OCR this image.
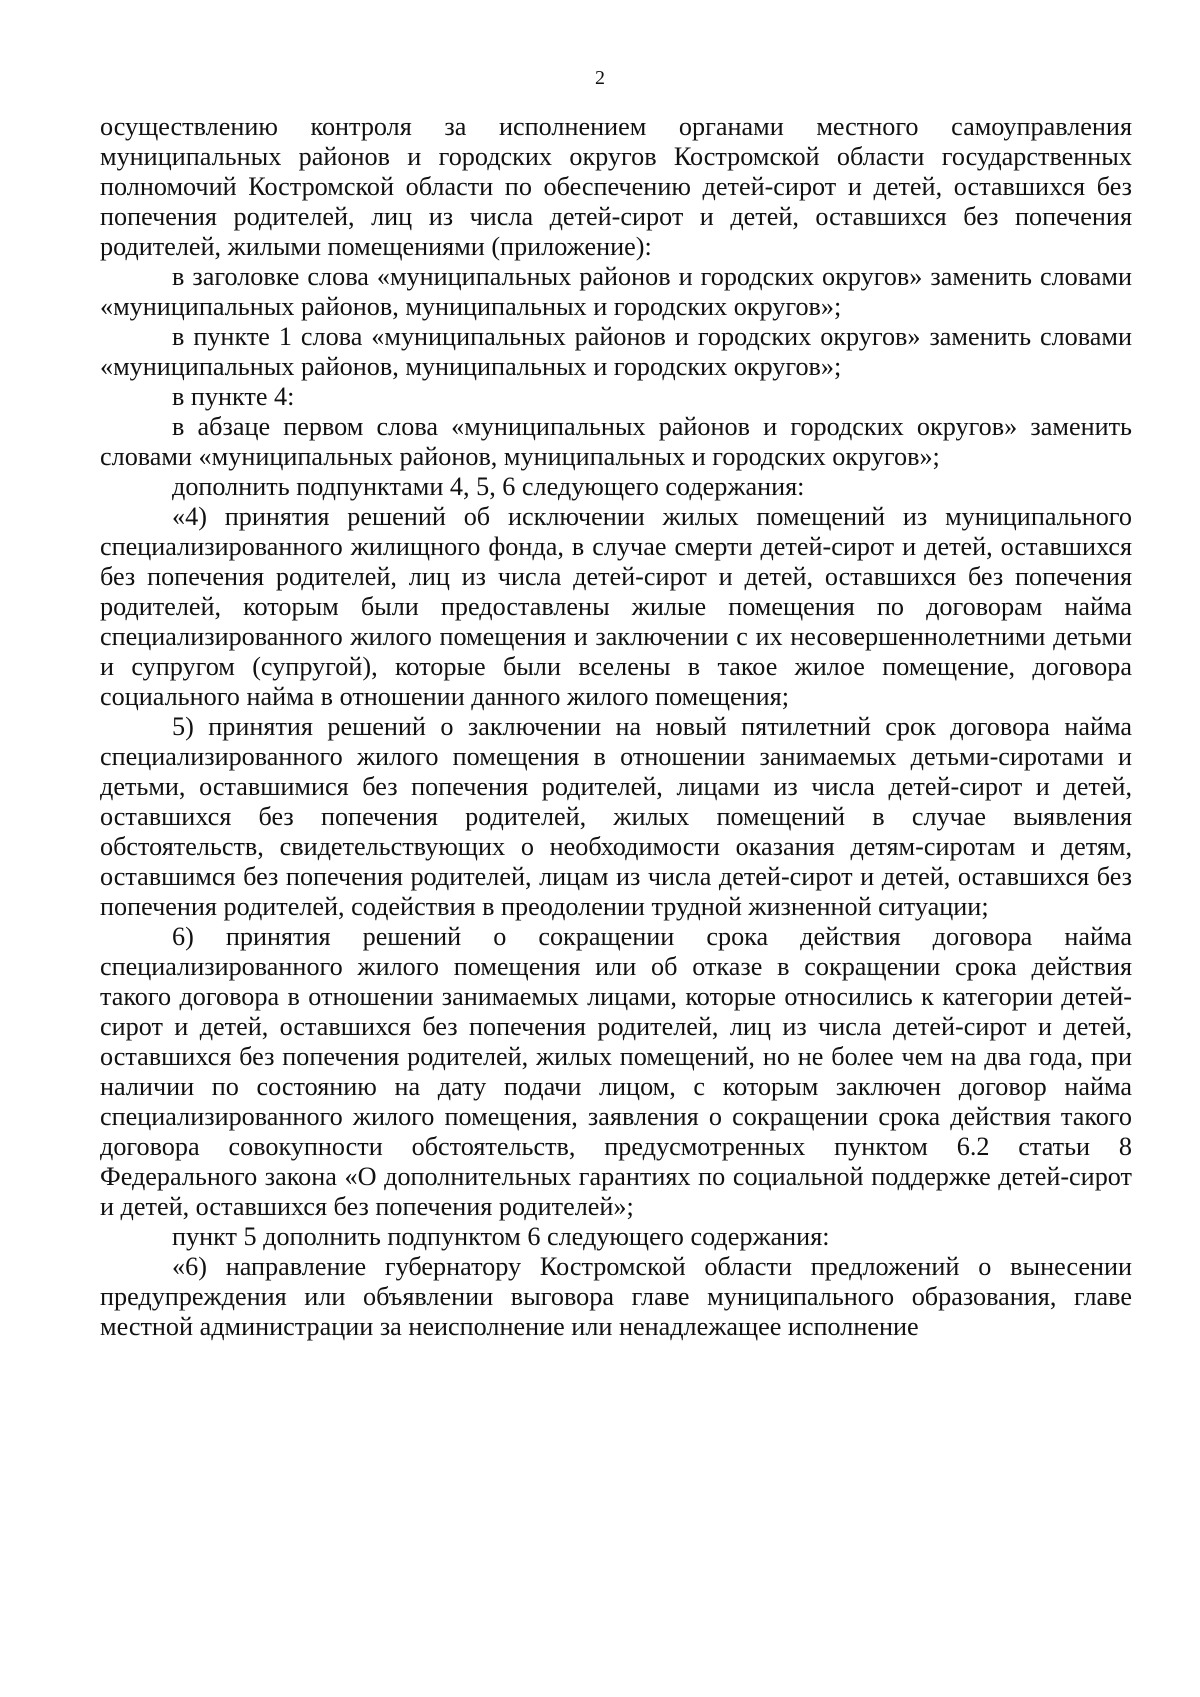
2

осуществлению контроля за исполнением органами местного самоуправления муниципальных районов и городских округов Костромской области государственных полномочий Костромской области по обеспечению детей-сирот и детей, оставшихся без попечения родителей, лиц из числа детей-сирот и детей, оставшихся без попечения родителей, жилыми помещениями (приложение):

в заголовке слова «муниципальных районов и городских округов» заменить словами «муниципальных районов, муниципальных и городских округов»;

в пункте 1 слова «муниципальных районов и городских округов» заменить словами «муниципальных районов, муниципальных и городских округов»;

в пункте 4:

в абзаце первом слова «муниципальных районов и городских округов» заменить словами «муниципальных районов, муниципальных и городских округов»;

дополнить подпунктами 4, 5, 6 следующего содержания:

«4) принятия решений об исключении жилых помещений из муниципального специализированного жилищного фонда, в случае смерти детей-сирот и детей, оставшихся без попечения родителей, лиц из числа детей-сирот и детей, оставшихся без попечения родителей, которым были предоставлены жилые помещения по договорам найма специализированного жилого помещения и заключении с их несовершеннолетними детьми и супругом (супругой), которые были вселены в такое жилое помещение, договора социального найма в отношении данного жилого помещения;

5) принятия решений о заключении на новый пятилетний срок договора найма специализированного жилого помещения в отношении занимаемых детьми-сиротами и детьми, оставшимися без попечения родителей, лицами из числа детей-сирот и детей, оставшихся без попечения родителей, жилых помещений в случае выявления обстоятельств, свидетельствующих о необходимости оказания детям-сиротам и детям, оставшимся без попечения родителей, лицам из числа детей-сирот и детей, оставшихся без попечения родителей, содействия в преодолении трудной жизненной ситуации;

6) принятия решений о сокращении срока действия договора найма специализированного жилого помещения или об отказе в сокращении срока действия такого договора в отношении занимаемых лицами, которые относились к категории детей-сирот и детей, оставшихся без попечения родителей, лиц из числа детей-сирот и детей, оставшихся без попечения родителей, жилых помещений, но не более чем на два года, при наличии по состоянию на дату подачи лицом, с которым заключен договор найма специализированного жилого помещения, заявления о сокращении срока действия такого договора совокупности обстоятельств, предусмотренных пунктом 6.2 статьи 8 Федерального закона «О дополнительных гарантиях по социальной поддержке детей-сирот и детей, оставшихся без попечения родителей»;

пункт 5 дополнить подпунктом 6 следующего содержания:

«6) направление губернатору Костромской области предложений о вынесении предупреждения или объявлении выговора главе муниципального образования, главе местной администрации за неисполнение или ненадлежащее исполнение
